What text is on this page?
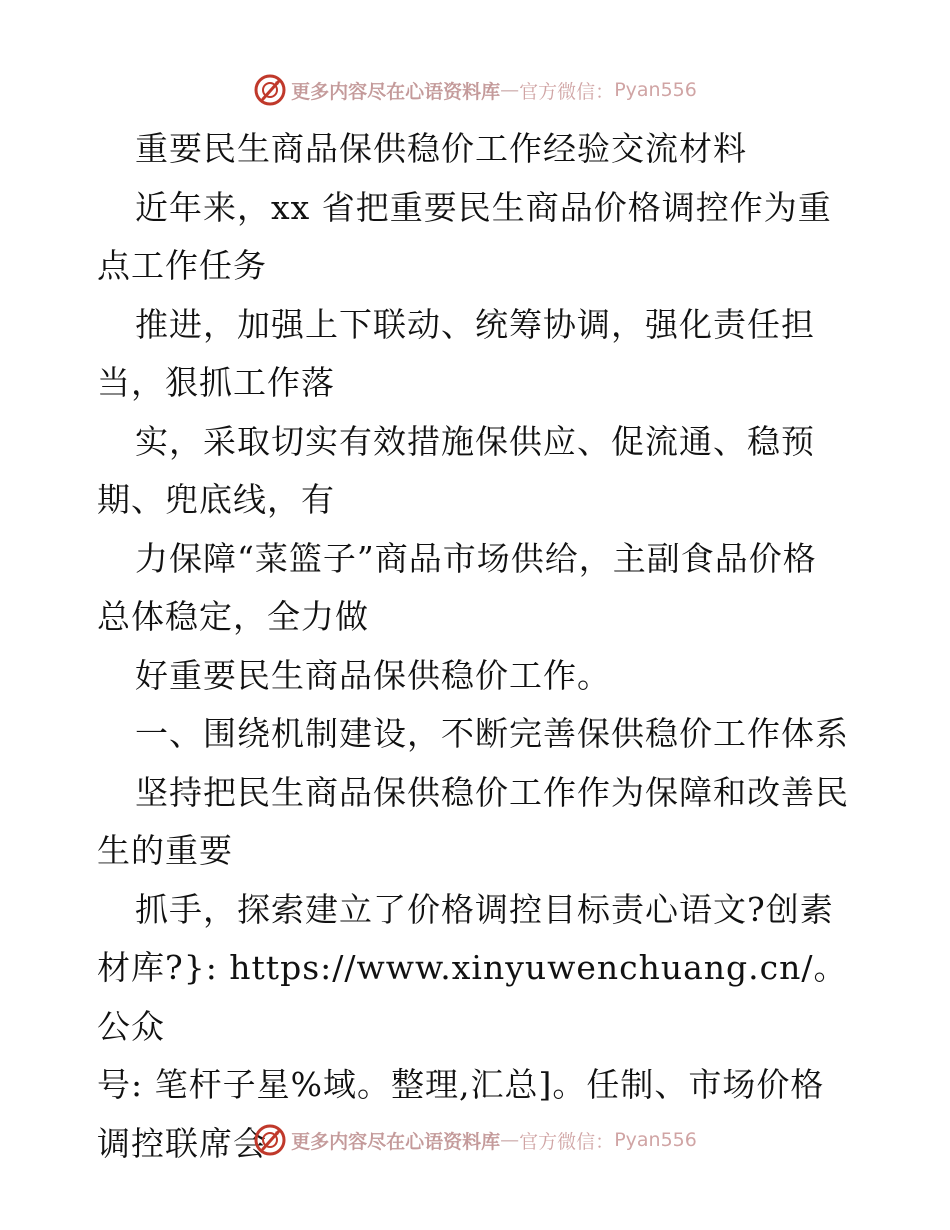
更多内容尽在心语资料库 — 官方微信： Pyan556

重要民生商品保供稳价工作经验交流材料

近年来，xx 省把重要民生商品价格调控作为重

点工作任务

推进，加强上下联动、统筹协调，强化责任担

当，狠抓工作落

实，采取切实有效措施保供应、促流通、稳预

期、兜底线，有

力保障“菜篮子”商品市场供给，主副食品价格

总体稳定，全力做

好重要民生商品保供稳价工作。

一、围绕机制建设，不断完善保供稳价工作体系

坚持把民生商品保供稳价工作作为保障和改善民

生的重要

抓手，探索建立了价格调控目标责心语文?创素

材库?}: https://www.xinyuwenchuang.cn/。公众

号: 笔杆子星%域。整理,汇总]。任制、市场价格

调控联席会	更多内容尽在心语资料库 — 官方微信： Pyan556
